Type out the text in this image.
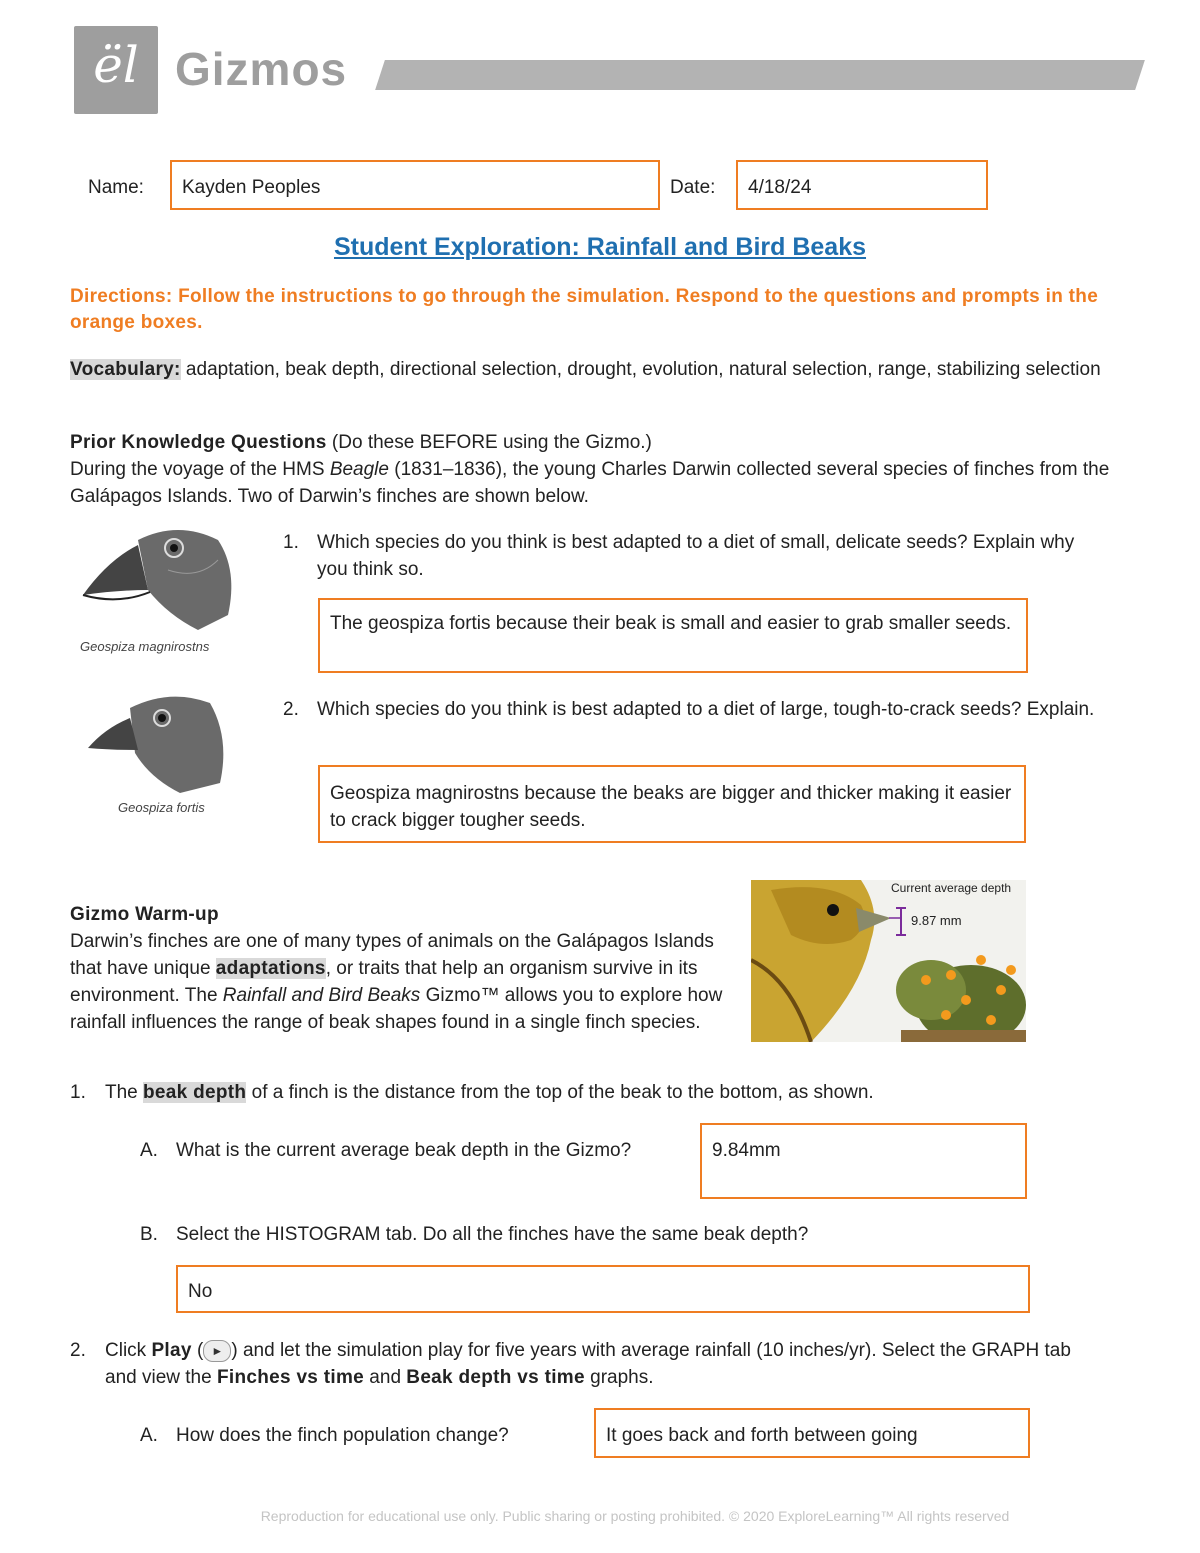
ël Gizmos
Name:	Kayden Peoples	Date:	4/18/24
Student Exploration: Rainfall and Bird Beaks
Directions: Follow the instructions to go through the simulation. Respond to the questions and prompts in the orange boxes.
Vocabulary: adaptation, beak depth, directional selection, drought, evolution, natural selection, range, stabilizing selection
Prior Knowledge Questions (Do these BEFORE using the Gizmo.)
During the voyage of the HMS Beagle (1831–1836), the young Charles Darwin collected several species of finches from the Galápagos Islands. Two of Darwin’s finches are shown below.
Geospiza magnirostns
Geospiza fortis
1. Which species do you think is best adapted to a diet of small, delicate seeds? Explain why you think so.
The geospiza fortis because their beak is small and easier to grab smaller seeds.
2. Which species do you think is best adapted to a diet of large, tough-to-crack seeds? Explain.
Geospiza magnirostns because the beaks are bigger and thicker making it easier to crack bigger tougher seeds.
Current average depth
9.87 mm
Gizmo Warm-up
Darwin’s finches are one of many types of animals on the Galápagos Islands that have unique adaptations, or traits that help an organism survive in its environment. The Rainfall and Bird Beaks Gizmo™ allows you to explore how rainfall influences the range of beak shapes found in a single finch species.
1. The beak depth of a finch is the distance from the top of the beak to the bottom, as shown.
A. What is the current average beak depth in the Gizmo?	9.84mm
B. Select the HISTOGRAM tab. Do all the finches have the same beak depth?
No
2. Click Play ( ► ) and let the simulation play for five years with average rainfall (10 inches/yr). Select the GRAPH tab and view the Finches vs time and Beak depth vs time graphs.
A. How does the finch population change?	It goes back and forth between going
Reproduction for educational use only. Public sharing or posting prohibited. © 2020 ExploreLearning™ All rights reserved
